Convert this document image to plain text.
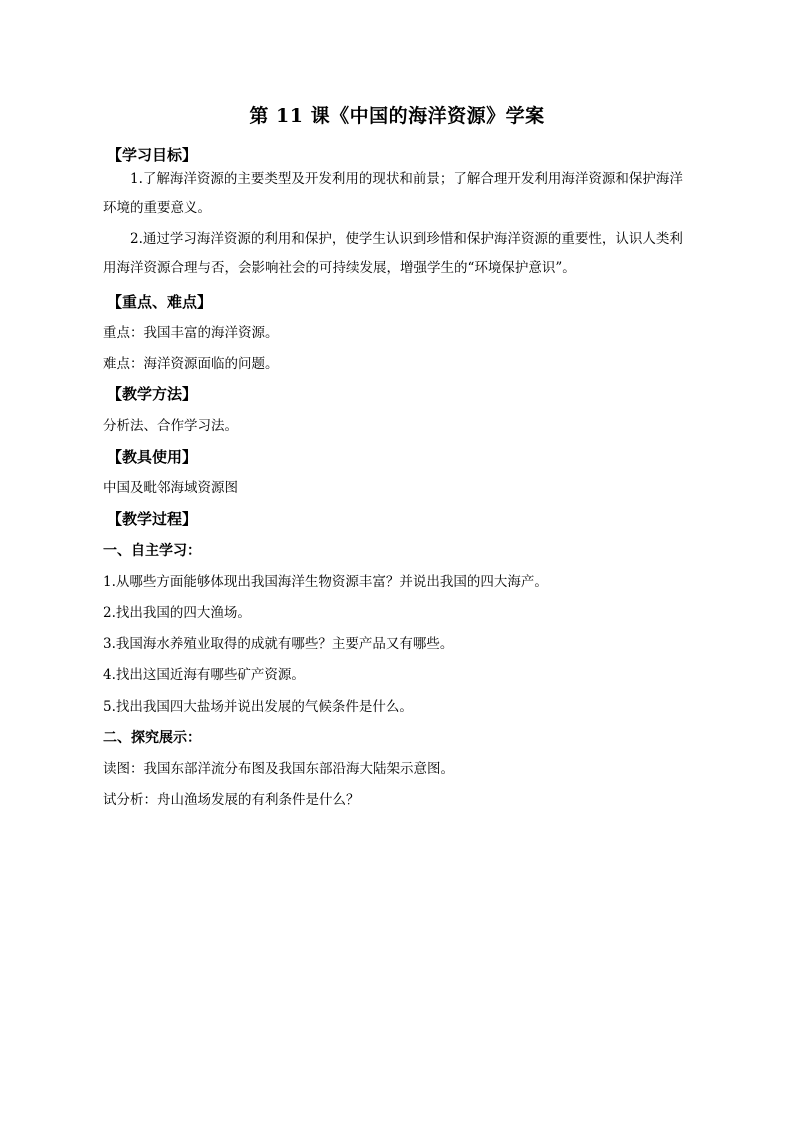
第 11 课《中国的海洋资源》学案
【学习目标】
1.了解海洋资源的主要类型及开发利用的现状和前景；了解合理开发利用海洋资源和保护海洋环境的重要意义。
2.通过学习海洋资源的利用和保护，使学生认识到珍惜和保护海洋资源的重要性，认识人类利用海洋资源合理与否，会影响社会的可持续发展，增强学生的“环境保护意识”。
【重点、难点】
重点：我国丰富的海洋资源。
难点：海洋资源面临的问题。
【教学方法】
分析法、合作学习法。
【教具使用】
中国及毗邻海域资源图
【教学过程】
一、自主学习：
1.从哪些方面能够体现出我国海洋生物资源丰富？并说出我国的四大海产。
2.找出我国的四大渔场。
3.我国海水养殖业取得的成就有哪些？主要产品又有哪些。
4.找出这国近海有哪些矿产资源。
5.找出我国四大盐场并说出发展的气候条件是什么。
二、探究展示：
读图：我国东部洋流分布图及我国东部沿海大陆架示意图。
试分析：舟山渔场发展的有利条件是什么？
